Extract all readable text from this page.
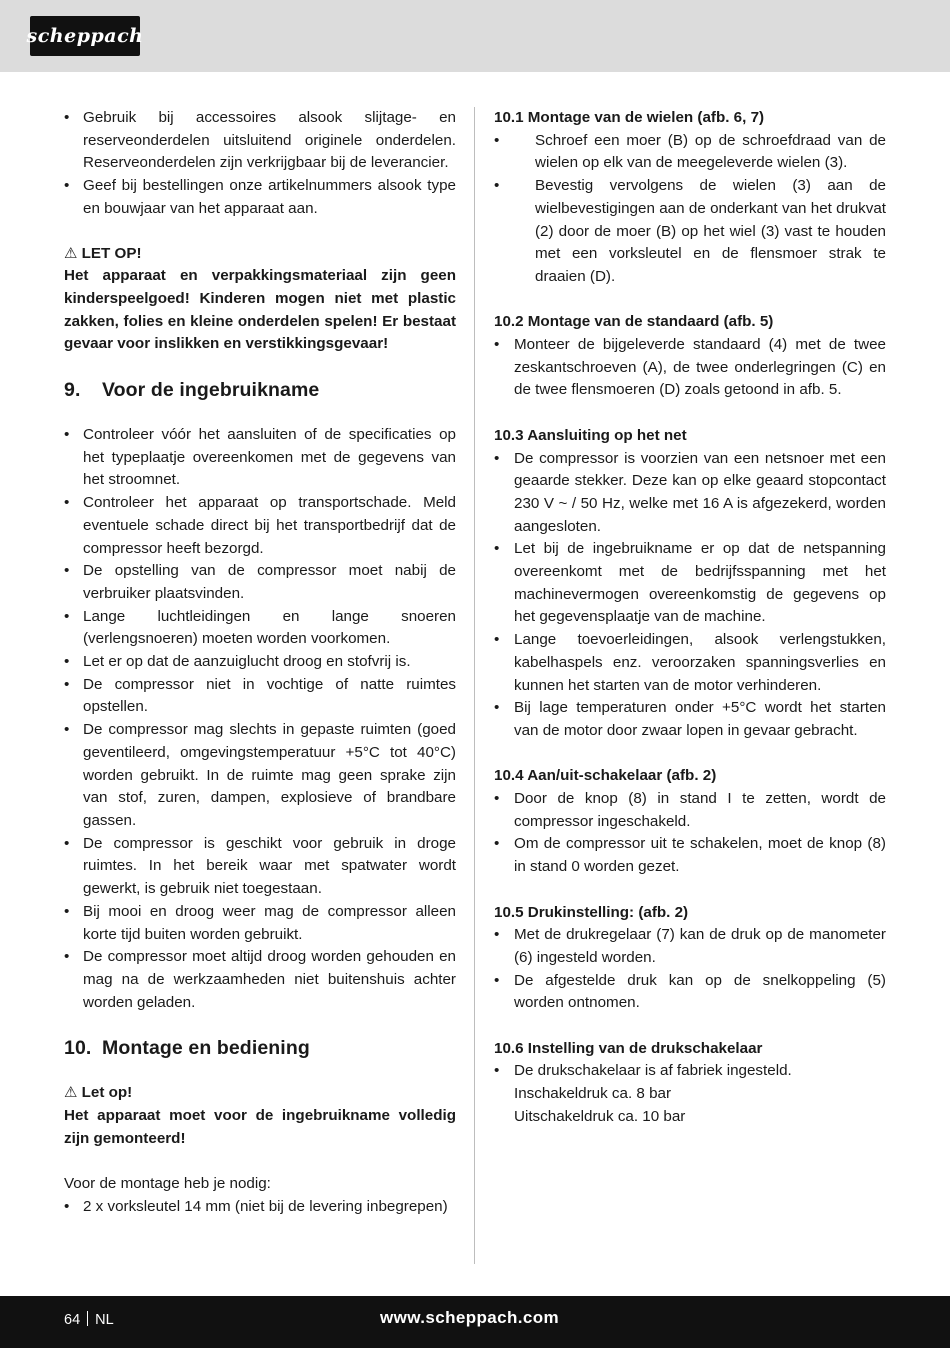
scheppach
• Gebruik bij accessoires alsook slijtage- en reserveonderdelen uitsluitend originele onderdelen. Reserveonderdelen zijn verkrijgbaar bij de leverancier.
• Geef bij bestellingen onze artikelnummers alsook type en bouwjaar van het apparaat aan.
⚠ LET OP!

Het apparaat en verpakkingsmateriaal zijn geen kinderspeelgoed! Kinderen mogen niet met plastic zakken, folies en kleine onderdelen spelen! Er bestaat gevaar voor inslikken en verstikkingsgevaar!

9. Voor de ingebruikname
• Controleer vóór het aansluiten of de specificaties op het typeplaatje overeenkomen met de gegevens van het stroomnet.
• Controleer het apparaat op transportschade. Meld eventuele schade direct bij het transportbedrijf dat de compressor heeft bezorgd.
• De opstelling van de compressor moet nabij de verbruiker plaatsvinden.
• Lange luchtleidingen en lange snoeren (verlengsnoeren) moeten worden voorkomen.
• Let er op dat de aanzuiglucht droog en stofvrij is.
• De compressor niet in vochtige of natte ruimtes opstellen.
• De compressor mag slechts in gepaste ruimten (goed geventileerd, omgevingstemperatuur +5°C tot 40°C) worden gebruikt. In de ruimte mag geen sprake zijn van stof, zuren, dampen, explosieve of brandbare gassen.
• De compressor is geschikt voor gebruik in droge ruimtes. In het bereik waar met spatwater wordt gewerkt, is gebruik niet toegestaan.
• Bij mooi en droog weer mag de compressor alleen korte tijd buiten worden gebruikt.
• De compressor moet altijd droog worden gehouden en mag na de werkzaamheden niet buitenshuis achter worden geladen.
10. Montage en bediening
⚠ Let op!

Het apparaat moet voor de ingebruikname volledig zijn gemonteerd!

Voor de montage heb je nodig:

• 2 x vorksleutel 14 mm (niet bij de levering inbegrepen)

10.1 Montage van de wielen (afb. 6, 7)

• Schroef een moer (B) op de schroefdraad van de wielen op elk van de meegeleverde wielen (3).
• Bevestig vervolgens de wielen (3) aan de wielbevestigingen aan de onderkant van het drukvat (2) door de moer (B) op het wiel (3) vast te houden met een vorksleutel en de flensmoer strak te draaien (D).

10.2 Montage van de standaard (afb. 5)

• Monteer de bijgeleverde standaard (4) met de twee zeskantschroeven (A), de twee onderlegringen (C) en de twee flensmoeren (D) zoals getoond in afb. 5.

10.3 Aansluiting op het net

• De compressor is voorzien van een netsnoer met een geaarde stekker. Deze kan op elke geaard stopcontact 230 V ~ / 50 Hz, welke met 16 A is afgezekerd, worden aangesloten.
• Let bij de ingebruikname er op dat de netspanning overeenkomt met de bedrijfsspanning met het machinevermogen overeenkomstig de gegevens op het gegevensplaatje van de machine.
• Lange toevoerleidingen, alsook verlengstukken, kabelhaspels enz. veroorzaken spanningsverlies en kunnen het starten van de motor verhinderen.
• Bij lage temperaturen onder +5°C wordt het starten van de motor door zwaar lopen in gevaar gebracht.

10.4 Aan/uit-schakelaar (afb. 2)

• Door de knop (8) in stand I te zetten, wordt de compressor ingeschakeld.
• Om de compressor uit te schakelen, moet de knop (8) in stand 0 worden gezet.

10.5 Drukinstelling: (afb. 2)

• Met de drukregelaar (7) kan de druk op de manometer (6) ingesteld worden.
• De afgestelde druk kan op de snelkoppeling (5) worden ontnomen.

10.6 Instelling van de drukschakelaar

• De drukschakelaar is af fabriek ingesteld.

Inschakeldruk ca. 8 bar

Uitschakeldruk ca. 10 bar

64 NL	www.scheppach.com
